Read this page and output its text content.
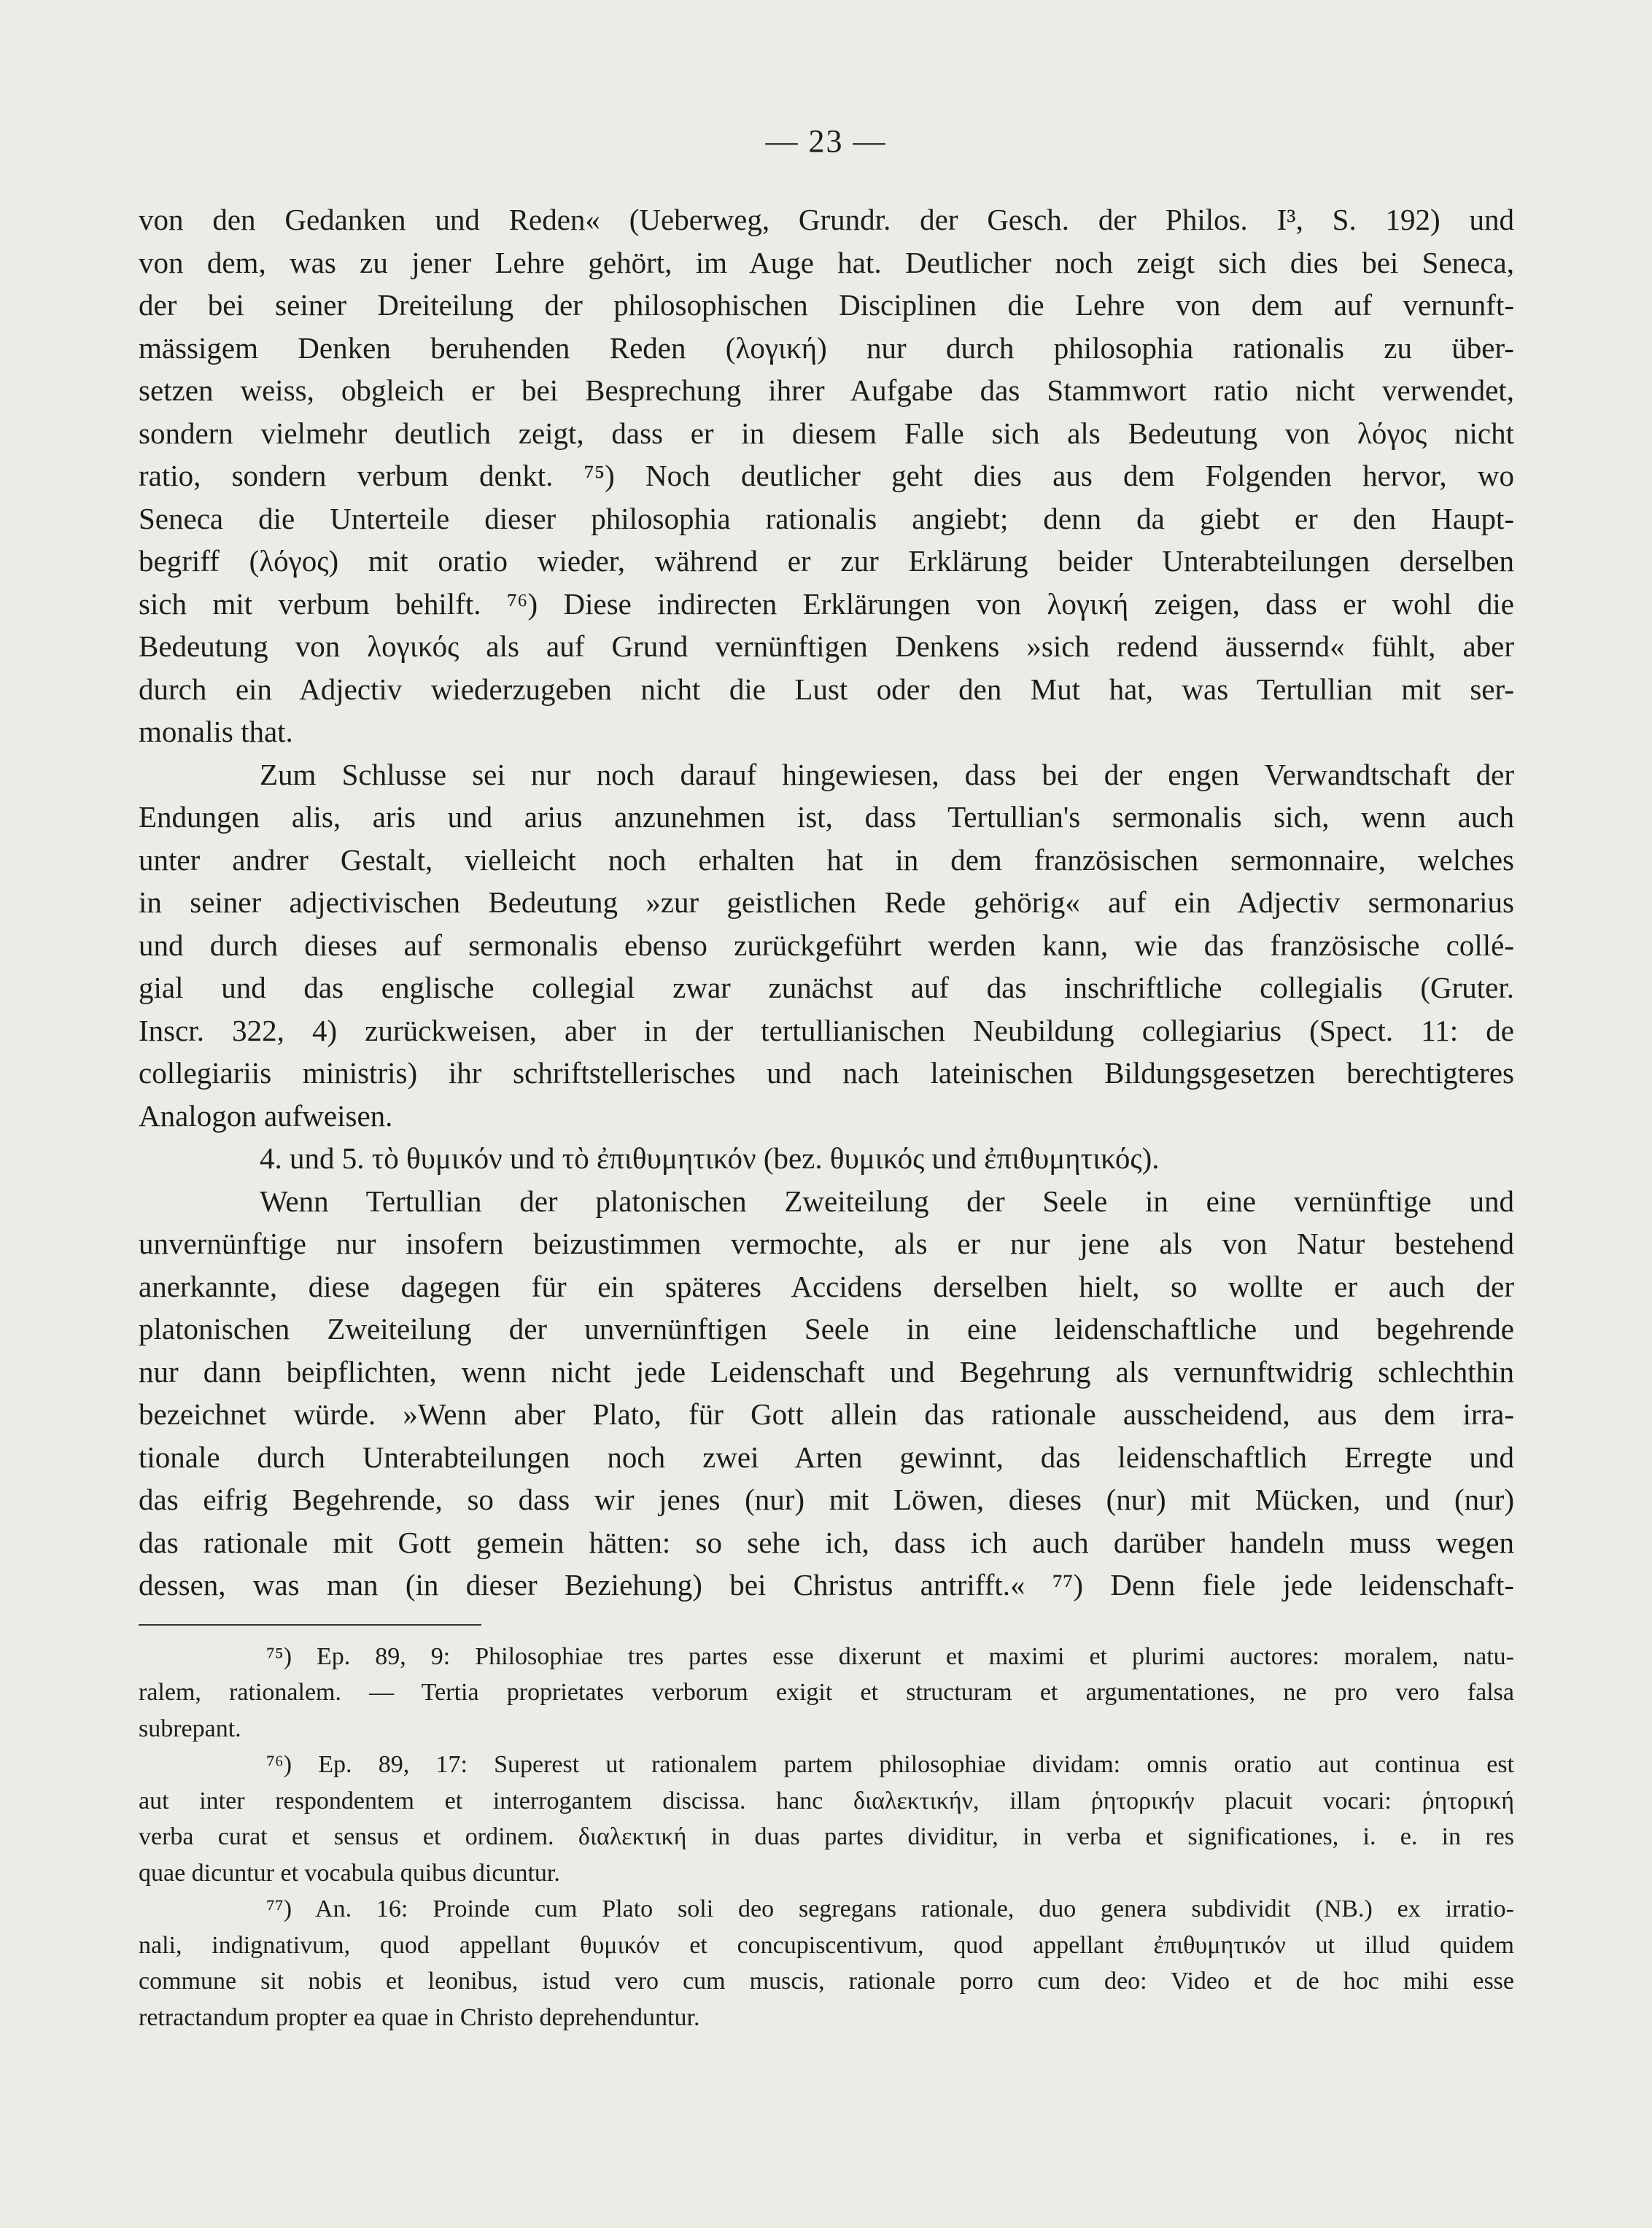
— 23 —
von den Gedanken und Reden« (Ueberweg, Grundr. der Gesch. der Philos. I³, S. 192) und
von dem, was zu jener Lehre gehört, im Auge hat. Deutlicher noch zeigt sich dies bei Seneca,
der bei seiner Dreiteilung der philosophischen Disciplinen die Lehre von dem auf vernunft-
mässigem Denken beruhenden Reden (λογική) nur durch philosophia rationalis zu über-
setzen weiss, obgleich er bei Besprechung ihrer Aufgabe das Stammwort ratio nicht verwendet,
sondern vielmehr deutlich zeigt, dass er in diesem Falle sich als Bedeutung von λόγος nicht
ratio, sondern verbum denkt. ⁷⁵) Noch deutlicher geht dies aus dem Folgenden hervor, wo
Seneca die Unterteile dieser philosophia rationalis angiebt; denn da giebt er den Haupt-
begriff (λόγος) mit oratio wieder, während er zur Erklärung beider Unterabteilungen derselben
sich mit verbum behilft. ⁷⁶) Diese indirecten Erklärungen von λογική zeigen, dass er wohl die
Bedeutung von λογικός als auf Grund vernünftigen Denkens »sich redend äussernd« fühlt, aber
durch ein Adjectiv wiederzugeben nicht die Lust oder den Mut hat, was Tertullian mit ser-
monalis that.
Zum Schlusse sei nur noch darauf hingewiesen, dass bei der engen Verwandtschaft der
Endungen alis, aris und arius anzunehmen ist, dass Tertullian's sermonalis sich, wenn auch
unter andrer Gestalt, vielleicht noch erhalten hat in dem französischen sermonnaire, welches
in seiner adjectivischen Bedeutung »zur geistlichen Rede gehörig« auf ein Adjectiv sermonarius
und durch dieses auf sermonalis ebenso zurückgeführt werden kann, wie das französische collé-
gial und das englische collegial zwar zunächst auf das inschriftliche collegialis (Gruter.
Inscr. 322, 4) zurückweisen, aber in der tertullianischen Neubildung collegiarius (Spect. 11: de
collegiariis ministris) ihr schriftstellerisches und nach lateinischen Bildungsgesetzen berechtigteres
Analogon aufweisen.
4. und 5. τὸ θυμικόν und τὸ ἐπιθυμητικόν (bez. θυμικός und ἐπιθυμητικός).
Wenn Tertullian der platonischen Zweiteilung der Seele in eine vernünftige und
unvernünftige nur insofern beizustimmen vermochte, als er nur jene als von Natur bestehend
anerkannte, diese dagegen für ein späteres Accidens derselben hielt, so wollte er auch der
platonischen Zweiteilung der unvernünftigen Seele in eine leidenschaftliche und begehrende
nur dann beipflichten, wenn nicht jede Leidenschaft und Begehrung als vernunftwidrig schlechthin
bezeichnet würde. »Wenn aber Plato, für Gott allein das rationale ausscheidend, aus dem irra-
tionale durch Unterabteilungen noch zwei Arten gewinnt, das leidenschaftlich Erregte und
das eifrig Begehrende, so dass wir jenes (nur) mit Löwen, dieses (nur) mit Mücken, und (nur)
das rationale mit Gott gemein hätten: so sehe ich, dass ich auch darüber handeln muss wegen
dessen, was man (in dieser Beziehung) bei Christus antrifft.« ⁷⁷) Denn fiele jede leidenschaft-
⁷⁵) Ep. 89, 9: Philosophiae tres partes esse dixerunt et maximi et plurimi auctores: moralem, natu-
ralem, rationalem. — Tertia proprietates verborum exigit et structuram et argumentationes, ne pro vero falsa
subrepant.
⁷⁶) Ep. 89, 17: Superest ut rationalem partem philosophiae dividam: omnis oratio aut continua est
aut inter respondentem et interrogantem discissa. hanc διαλεκτικήν, illam ῥητορικήν placuit vocari: ῥητορική
verba curat et sensus et ordinem. διαλεκτική in duas partes dividitur, in verba et significationes, i. e. in res
quae dicuntur et vocabula quibus dicuntur.
⁷⁷) An. 16: Proinde cum Plato soli deo segregans rationale, duo genera subdividit (NB.) ex irratio-
nali, indignativum, quod appellant θυμικόν et concupiscentivum, quod appellant ἐπιθυμητικόν ut illud quidem
commune sit nobis et leonibus, istud vero cum muscis, rationale porro cum deo: Video et de hoc mihi esse
retractandum propter ea quae in Christo deprehenduntur.
